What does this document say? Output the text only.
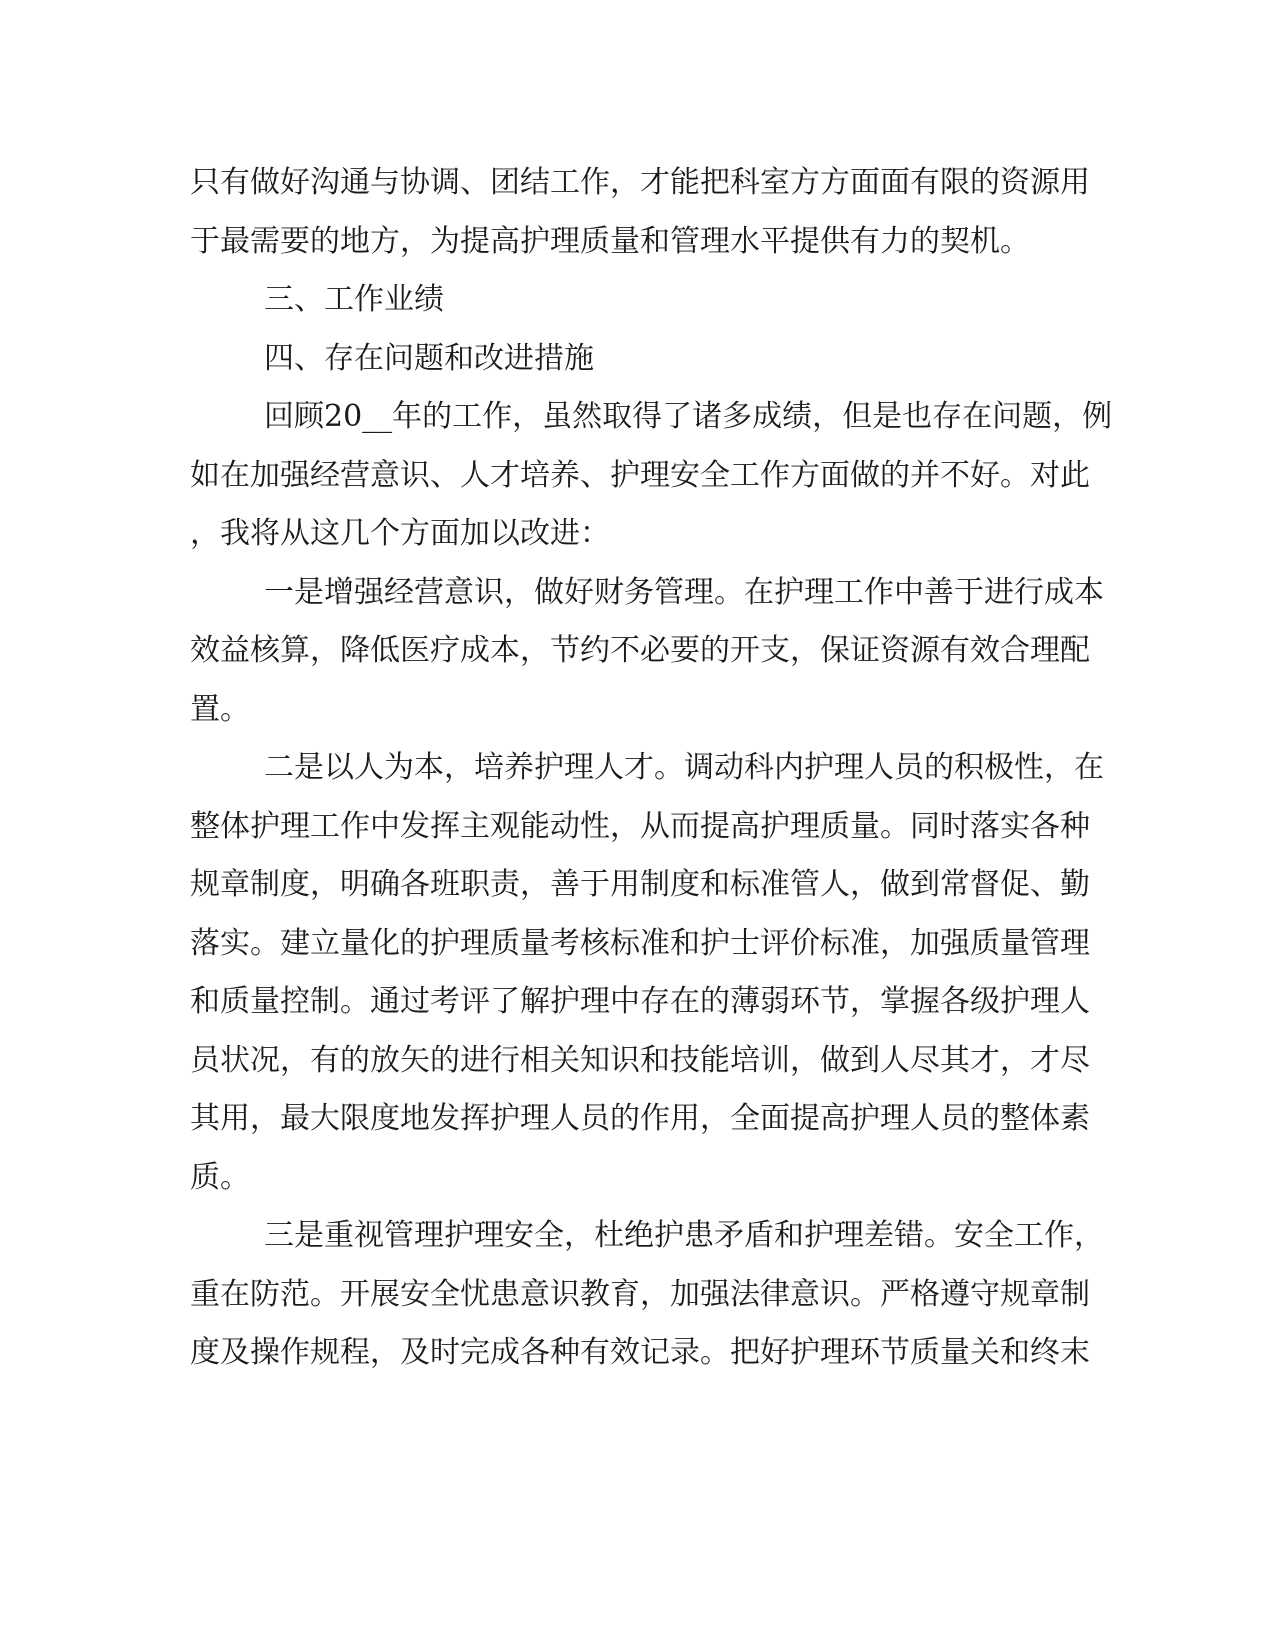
只有做好沟通与协调、团结工作，才能把科室方方面面有限的资源用

于最需要的地方，为提高护理质量和管理水平提供有力的契机。

三、工作业绩

四、存在问题和改进措施

回顾20__年的工作，虽然取得了诸多成绩，但是也存在问题，例

如在加强经营意识、人才培养、护理安全工作方面做的并不好。对此

，我将从这几个方面加以改进：

一是增强经营意识，做好财务管理。在护理工作中善于进行成本

效益核算，降低医疗成本，节约不必要的开支，保证资源有效合理配

置。

二是以人为本，培养护理人才。调动科内护理人员的积极性，在

整体护理工作中发挥主观能动性，从而提高护理质量。同时落实各种

规章制度，明确各班职责，善于用制度和标准管人，做到常督促、勤

落实。建立量化的护理质量考核标准和护士评价标准，加强质量管理

和质量控制。通过考评了解护理中存在的薄弱环节，掌握各级护理人

员状况，有的放矢的进行相关知识和技能培训，做到人尽其才，才尽

其用，最大限度地发挥护理人员的作用，全面提高护理人员的整体素

质。

三是重视管理护理安全，杜绝护患矛盾和护理差错。安全工作，

重在防范。开展安全忧患意识教育，加强法律意识。严格遵守规章制

度及操作规程，及时完成各种有效记录。把好护理环节质量关和终末
